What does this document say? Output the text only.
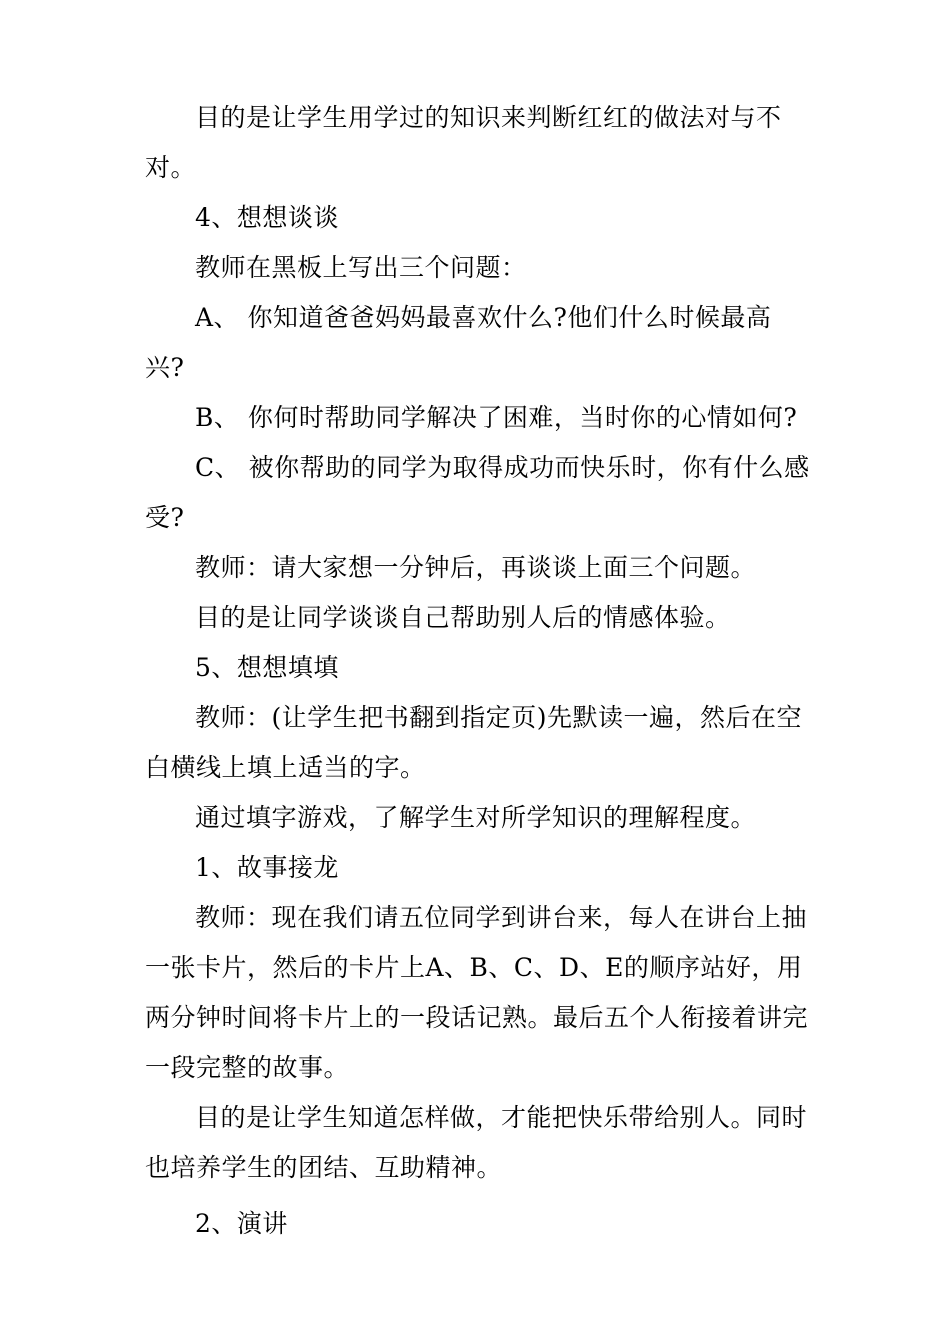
目的是让学生用学过的知识来判断红红的做法对与不对。

4、想想谈谈

教师在黑板上写出三个问题：

A、 你知道爸爸妈妈最喜欢什么?他们什么时候最高兴?

B、 你何时帮助同学解决了困难，当时你的心情如何?

C、 被你帮助的同学为取得成功而快乐时，你有什么感受?

教师：请大家想一分钟后，再谈谈上面三个问题。

目的是让同学谈谈自己帮助别人后的情感体验。

5、想想填填

教师：(让学生把书翻到指定页)先默读一遍，然后在空白横线上填上适当的字。

通过填字游戏，了解学生对所学知识的理解程度。

1、故事接龙

教师：现在我们请五位同学到讲台来，每人在讲台上抽一张卡片，然后的卡片上A、B、C、D、E的顺序站好，用两分钟时间将卡片上的一段话记熟。最后五个人衔接着讲完一段完整的故事。

目的是让学生知道怎样做，才能把快乐带给别人。同时也培养学生的团结、互助精神。

2、演讲
